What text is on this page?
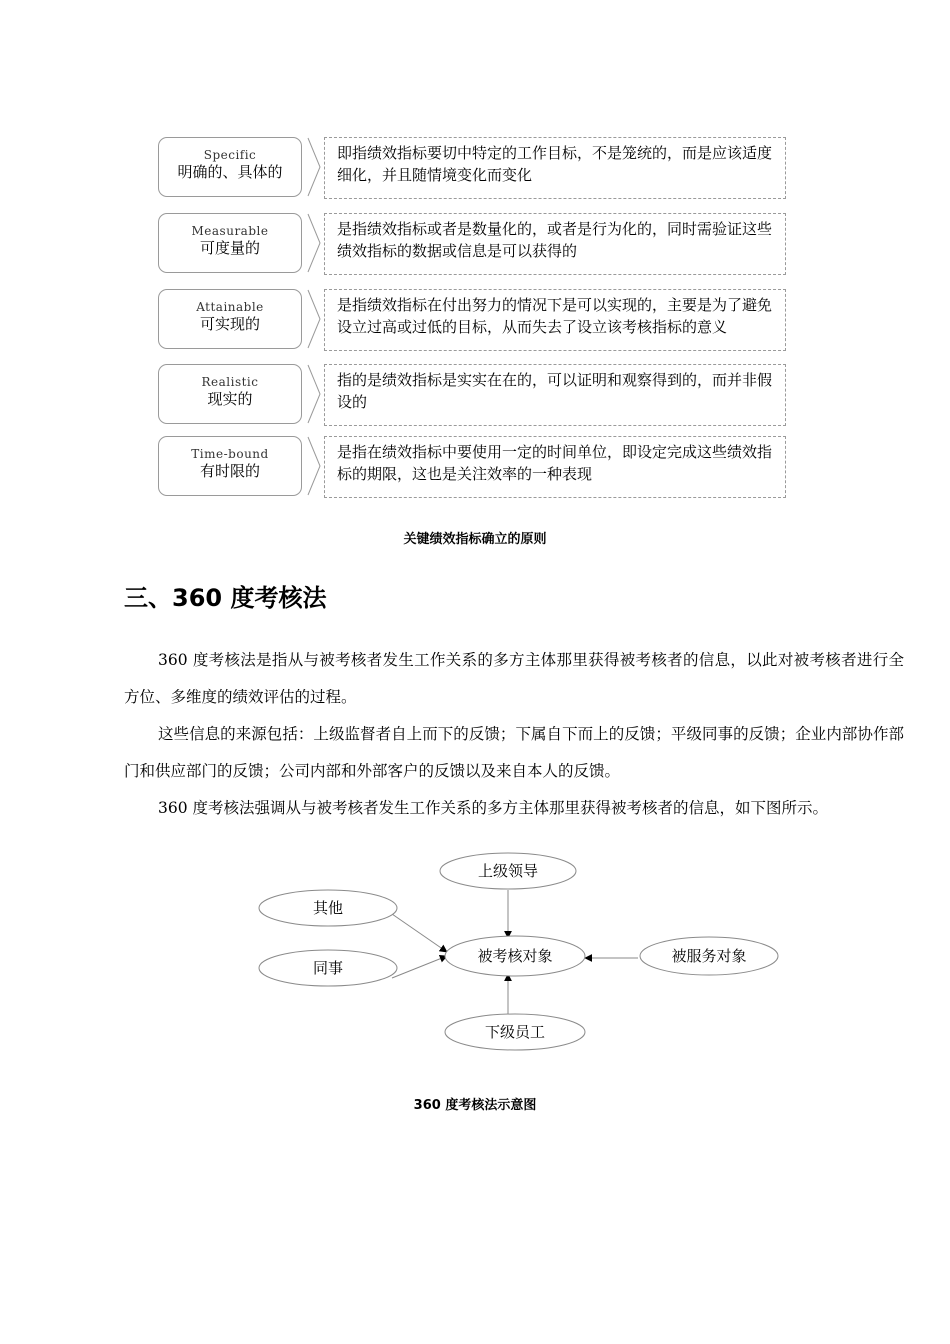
Specific
明确的、具体的
即指绩效指标要切中特定的工作目标，不是笼统的，而是应该适度细化，并且随情境变化而变化
Measurable
可度量的
是指绩效指标或者是数量化的，或者是行为化的，同时需验证这些绩效指标的数据或信息是可以获得的
Attainable
可实现的
是指绩效指标在付出努力的情况下是可以实现的，主要是为了避免设立过高或过低的目标，从而失去了设立该考核指标的意义
Realistic
现实的
指的是绩效指标是实实在在的，可以证明和观察得到的，而并非假设的
Time-bound
有时限的
是指在绩效指标中要使用一定的时间单位，即设定完成这些绩效指标的期限，这也是关注效率的一种表现
关键绩效指标确立的原则
三、360 度考核法

360 度考核法是指从与被考核者发生工作关系的多方主体那里获得被考核者的信息，以此对被考核者进行全方位、多维度的绩效评估的过程。

这些信息的来源包括：上级监督者自上而下的反馈；下属自下而上的反馈；平级同事的反馈；企业内部协作部门和供应部门的反馈；公司内部和外部客户的反馈以及来自本人的反馈。

360 度考核法强调从与被考核者发生工作关系的多方主体那里获得被考核者的信息，如下图所示。

上级领导
被考核对象
下级员工
被服务对象
其他
同事
360 度考核法示意图
